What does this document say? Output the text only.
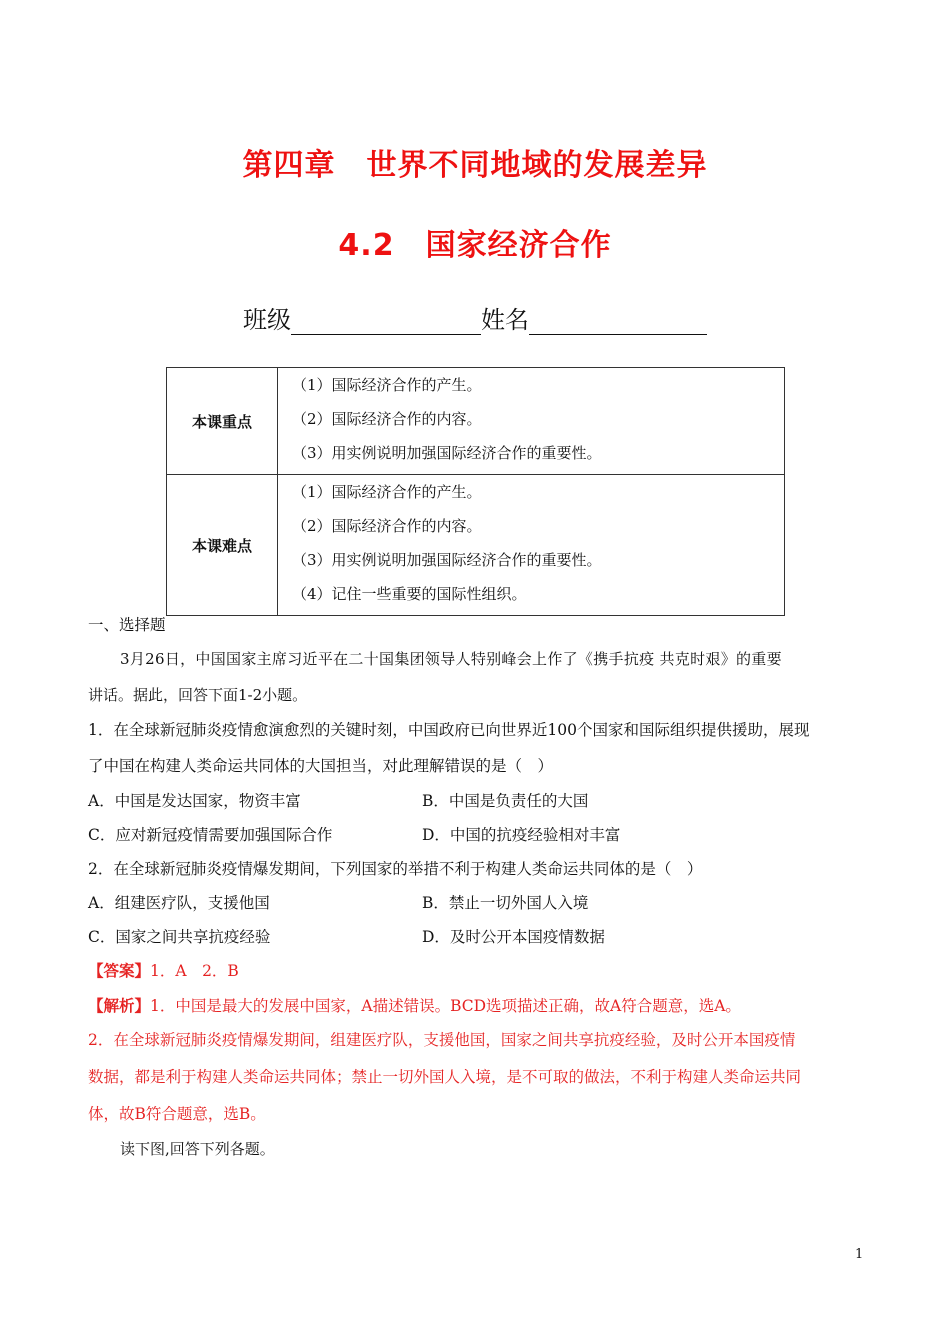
第四章　世界不同地域的发展差异
4.2　国家经济合作
班级	姓名
本课重点	（1）国际经济合作的产生。
（2）国际经济合作的内容。
（3）用实例说明加强国际经济合作的重要性。

本课难点	（1）国际经济合作的产生。
（2）国际经济合作的内容。
（3）用实例说明加强国际经济合作的重要性。
（4）记住一些重要的国际性组织。
一、选择题
3月26日，中国国家主席习近平在二十国集团领导人特别峰会上作了《携手抗疫 共克时艰》的重要
讲话。据此，回答下面1-2小题。
1．在全球新冠肺炎疫情愈演愈烈的关键时刻，中国政府已向世界近100个国家和国际组织提供援助，展现
了中国在构建人类命运共同体的大国担当，对此理解错误的是（　）
A．中国是发达国家，物资丰富	B．中国是负责任的大国
C．应对新冠疫情需要加强国际合作	D．中国的抗疫经验相对丰富
2．在全球新冠肺炎疫情爆发期间，下列国家的举措不利于构建人类命运共同体的是（　）
A．组建医疗队，支援他国	B．禁止一切外国人入境
C．国家之间共享抗疫经验	D．及时公开本国疫情数据
【答案】1．A　2．B
【解析】1．中国是最大的发展中国家，A描述错误。BCD选项描述正确，故A符合题意，选A。
2．在全球新冠肺炎疫情爆发期间，组建医疗队，支援他国，国家之间共享抗疫经验，及时公开本国疫情
数据，都是利于构建人类命运共同体；禁止一切外国人入境，是不可取的做法，不利于构建人类命运共同
体，故B符合题意，选B。
读下图,回答下列各题。
1
